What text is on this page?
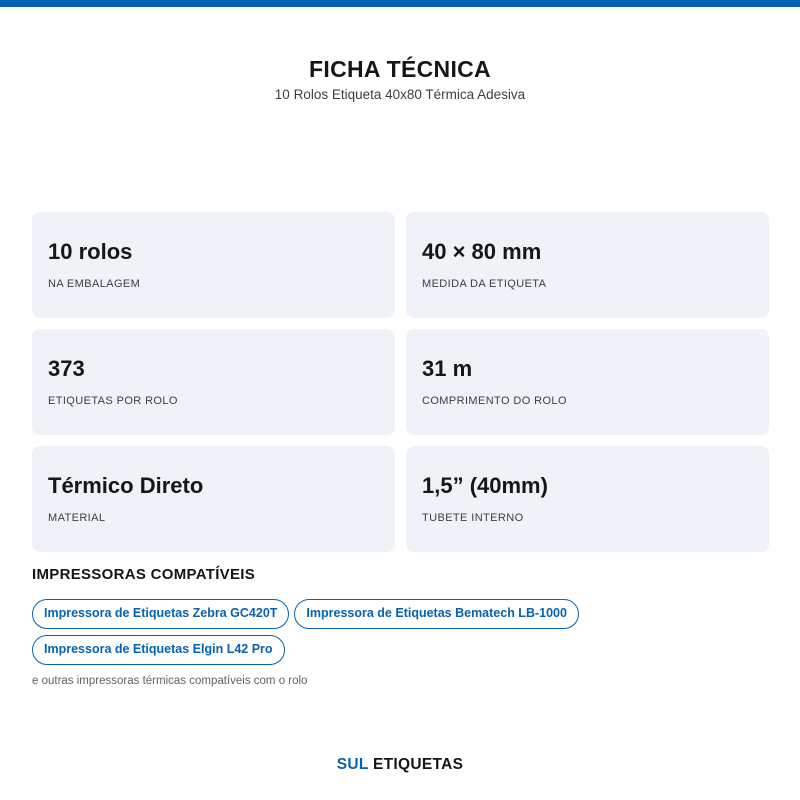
FICHA TÉCNICA
10 Rolos Etiqueta 40x80 Térmica Adesiva
10 rolos
NA EMBALAGEM
40 × 80 mm
MEDIDA DA ETIQUETA
373
ETIQUETAS POR ROLO
31 m
COMPRIMENTO DO ROLO
Térmico Direto
MATERIAL
1,5” (40mm)
TUBETE INTERNO
IMPRESSORAS COMPATÍVEIS
Impressora de Etiquetas Zebra GC420T	Impressora de Etiquetas Bematech LB-1000
Impressora de Etiquetas Elgin L42 Pro
e outras impressoras térmicas compatíveis com o rolo
SUL ETIQUETAS
